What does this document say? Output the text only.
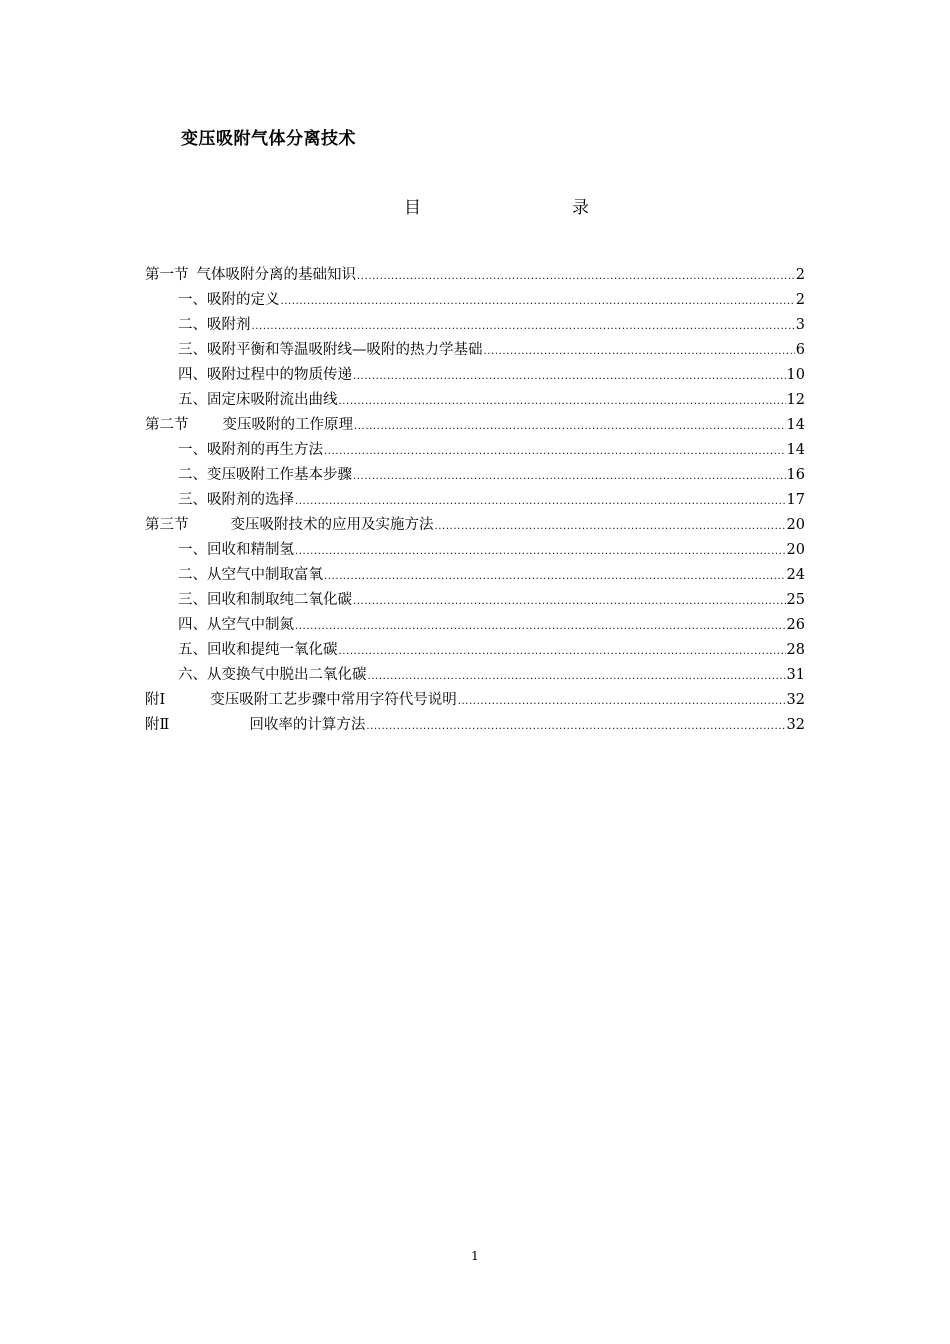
变压吸附气体分离技术
目	录
第一节 气体吸附分离的基础知识 .....	2
一、吸附的定义 .....	2
二、吸附剂 .....	3
三、吸附平衡和等温吸附线—吸附的热力学基础 .....	6
四、吸附过程中的物质传递 .....	10
五、固定床吸附流出曲线 .....	12
第二节 变压吸附的工作原理 .....	14
一、吸附剂的再生方法 .....	14
二、变压吸附工作基本步骤 .....	16
三、吸附剂的选择 .....	17
第三节	变压吸附技术的应用及实施方法 .....	20
一、回收和精制氢 .....	20
二、从空气中制取富氧 .....	24
三、回收和制取纯二氧化碳 .....	25
四、从空气中制氮 .....	26
五、回收和提纯一氧化碳 .....	28
六、从变换气中脱出二氧化碳 .....	31
附Ⅰ	变压吸附工艺步骤中常用字符代号说明 .....	32
附Ⅱ	回收率的计算方法 .....	32
1
